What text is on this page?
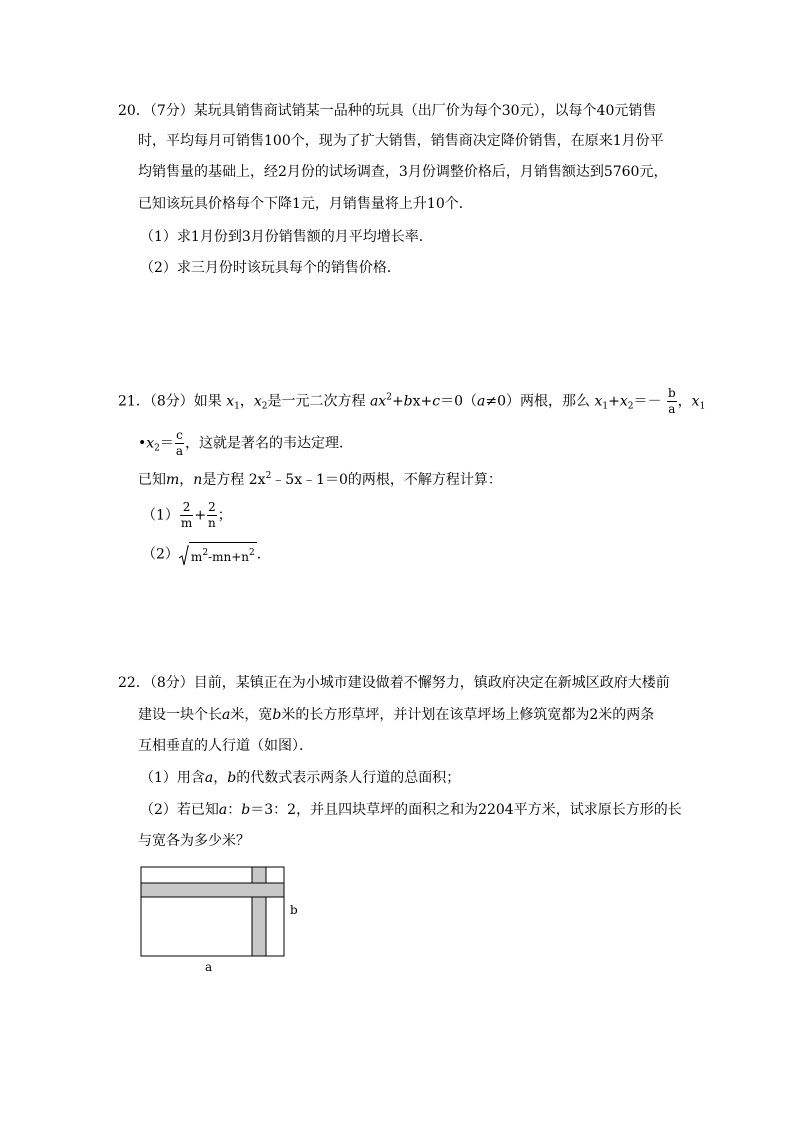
20．（7分）某玩具销售商试销某一品种的玩具（出厂价为每个30元），以每个40元销售
时，平均每月可销售100个，现为了扩大销售，销售商决定降价销售，在原来1月份平
均销售量的基础上，经2月份的试场调查，3月份调整价格后，月销售额达到5760元，
已知该玩具价格每个下降1元，月销售量将上升10个．
（1）求1月份到3月份销售额的月平均增长率．
（2）求三月份时该玩具每个的销售价格．
21．（8分）如果 $x_1$，$x_2$是一元二次方程 $ax^2+bx+c=0(a\ne 0)$两根，那么 $x_1+x_2=- \frac{b}{a}$ ，$x_1$
$•x_2= \frac{c}{a}$ ，这就是著名的韦达定理．
已知m，n是方程 $2x^2﹣5x﹣1=0$的两根，不解方程计算：
$(1) \frac{2}{m} + \frac{2}{n}$ ；
（2） $m^2-mn+n^2$ ．
22．（8分）目前，某镇正在为小城市建设做着不懈努力，镇政府决定在新城区政府大楼前
建设一块个长a米，宽b米的长方形草坪，并计划在该草坪场上修筑宽都为2米的两条
互相垂直的人行道（如图）．
（1）用含a，b的代数式表示两条人行道的总面积；
（2）若已知a：b＝3：2，并且四块草坪的面积之和为2204平方米，试求原长方形的长
与宽各为多少米？
b
a
